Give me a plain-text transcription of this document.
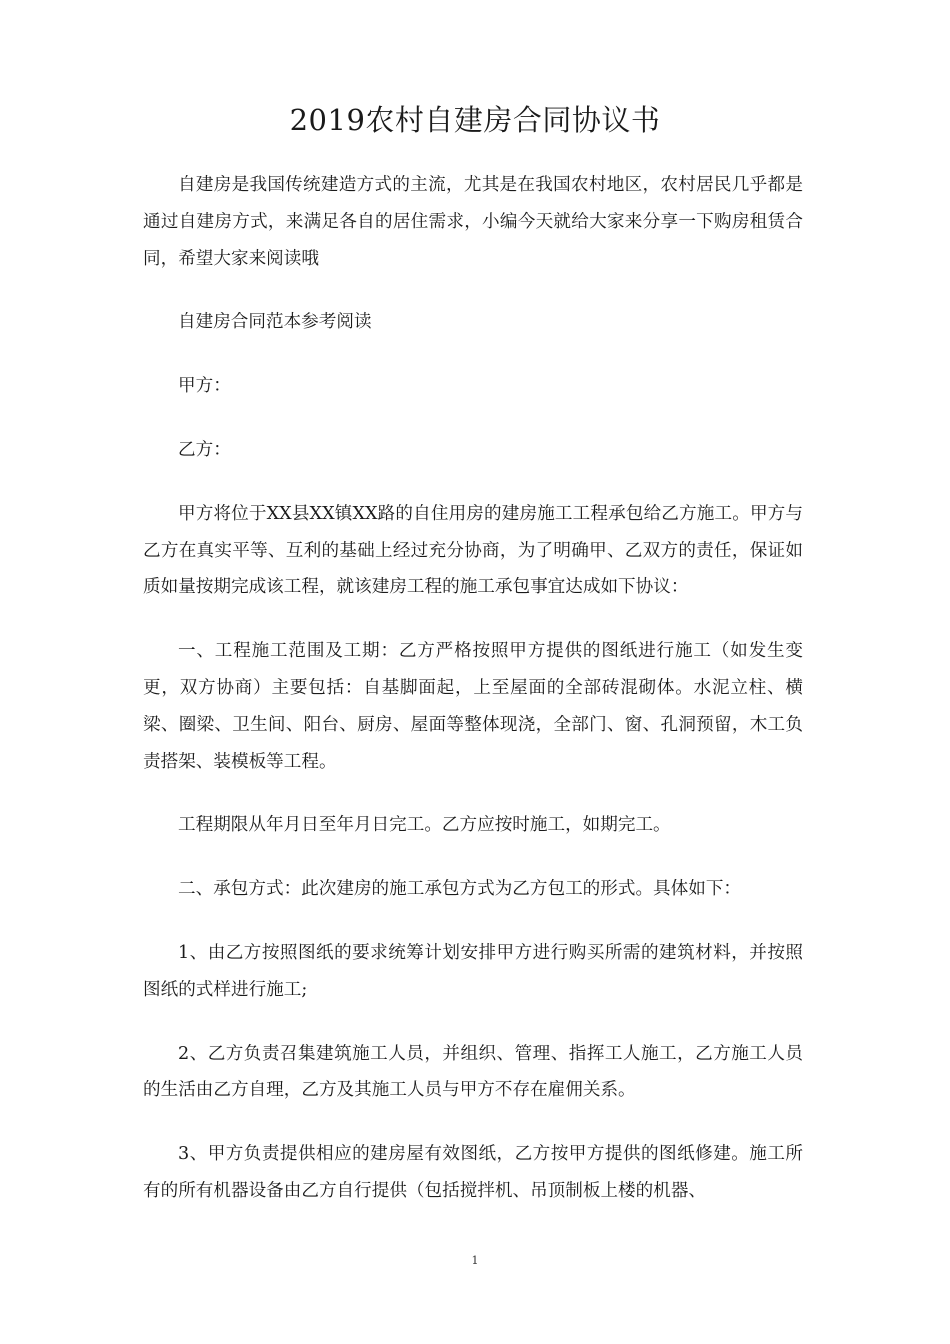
2019农村自建房合同协议书

自建房是我国传统建造方式的主流，尤其是在我国农村地区，农村居民几乎都是通过自建房方式，来满足各自的居住需求，小编今天就给大家来分享一下购房租赁合同，希望大家来阅读哦

自建房合同范本参考阅读

甲方：

乙方：

甲方将位于XX县XX镇XX路的自住用房的建房施工工程承包给乙方施工。甲方与乙方在真实平等、互利的基础上经过充分协商，为了明确甲、乙双方的责任，保证如质如量按期完成该工程，就该建房工程的施工承包事宜达成如下协议：

一、工程施工范围及工期：乙方严格按照甲方提供的图纸进行施工（如发生变更，双方协商）主要包括：自基脚面起，上至屋面的全部砖混砌体。水泥立柱、横梁、圈梁、卫生间、阳台、厨房、屋面等整体现浇，全部门、窗、孔洞预留，木工负责搭架、装模板等工程。

工程期限从年月日至年月日完工。乙方应按时施工，如期完工。

二、承包方式：此次建房的施工承包方式为乙方包工的形式。具体如下：

1、由乙方按照图纸的要求统筹计划安排甲方进行购买所需的建筑材料，并按照图纸的式样进行施工;

2、乙方负责召集建筑施工人员，并组织、管理、指挥工人施工，乙方施工人员的生活由乙方自理，乙方及其施工人员与甲方不存在雇佣关系。

3、甲方负责提供相应的建房屋有效图纸，乙方按甲方提供的图纸修建。施工所有的所有机器设备由乙方自行提供（包括搅拌机、吊顶制板上楼的机器、

1
